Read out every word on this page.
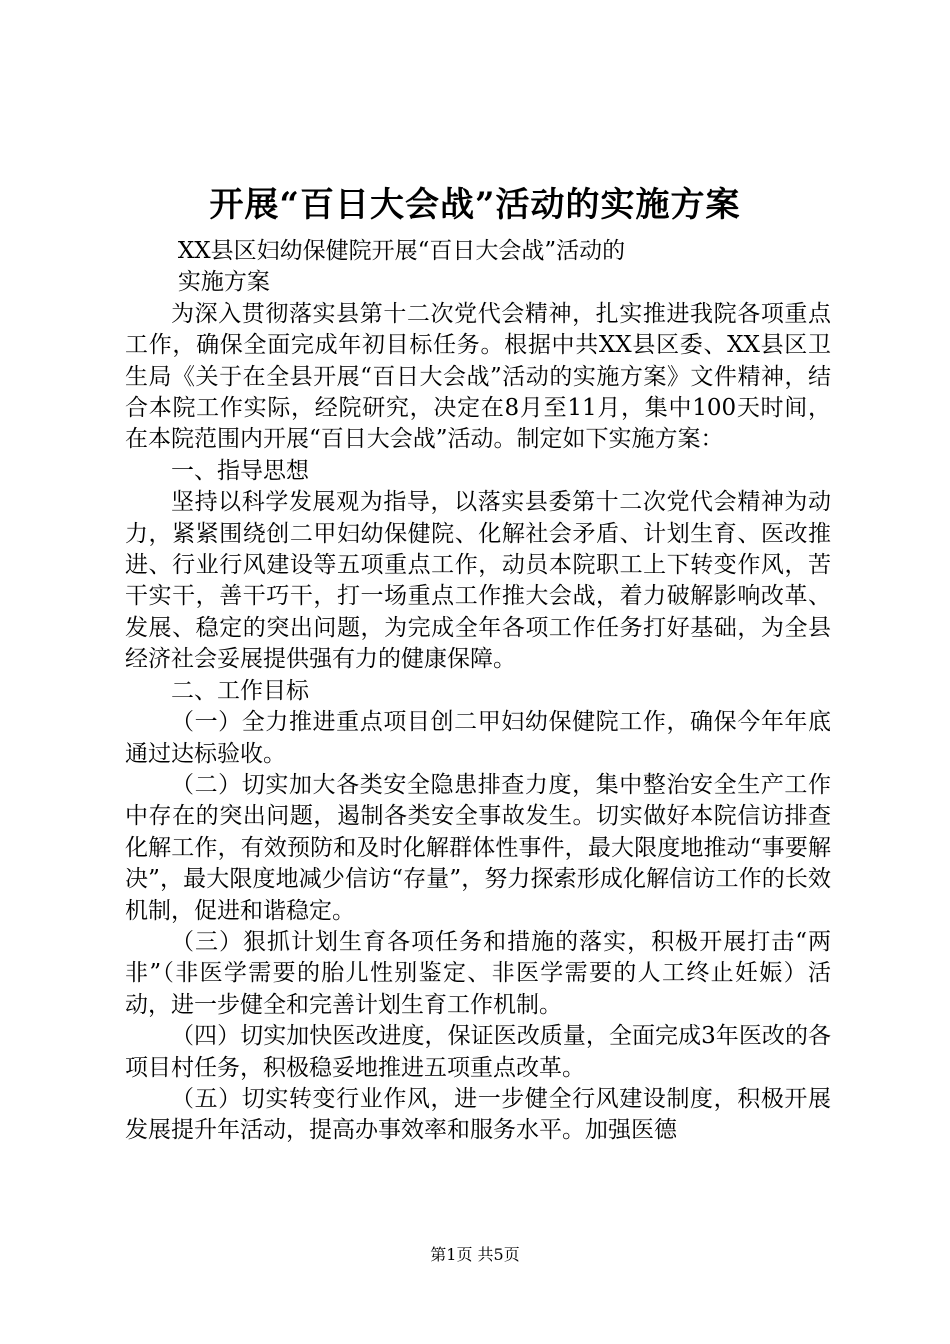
开展“百日大会战”活动的实施方案

XX县区妇幼保健院开展“百日大会战”活动的

实施方案

为深入贯彻落实县第十二次党代会精神，扎实推进我院各项重点工作，确保全面完成年初目标任务。根据中共XX县区委、XX县区卫生局《关于在全县开展“百日大会战”活动的实施方案》文件精神，结合本院工作实际，经院研究，决定在8月至11月，集中100天时间，在本院范围内开展“百日大会战”活动。制定如下实施方案：

一、指导思想

坚持以科学发展观为指导，以落实县委第十二次党代会精神为动力，紧紧围绕创二甲妇幼保健院、化解社会矛盾、计划生育、医改推进、行业行风建设等五项重点工作，动员本院职工上下转变作风，苦干实干，善干巧干，打一场重点工作推大会战，着力破解影响改革、发展、稳定的突出问题，为完成全年各项工作任务打好基础，为全县经济社会妥展提供强有力的健康保障。

二、工作目标

（一）全力推进重点项目创二甲妇幼保健院工作，确保今年年底通过达标验收。

（二）切实加大各类安全隐患排查力度，集中整治安全生产工作中存在的突出问题，遏制各类安全事故发生。切实做好本院信访排查化解工作，有效预防和及时化解群体性事件，最大限度地推动“事要解决”，最大限度地减少信访“存量”，努力探索形成化解信访工作的长效机制，促进和谐稳定。

（三）狠抓计划生育各项任务和措施的落实，积极开展打击“两非”（非医学需要的胎儿性别鉴定、非医学需要的人工终止妊娠）活动，进一步健全和完善计划生育工作机制。

（四）切实加快医改进度，保证医改质量，全面完成3年医改的各项目村任务，积极稳妥地推进五项重点改革。

（五）切实转变行业作风，进一步健全行风建设制度，积极开展发展提升年活动，提高办事效率和服务水平。加强医德

第1页 共5页
